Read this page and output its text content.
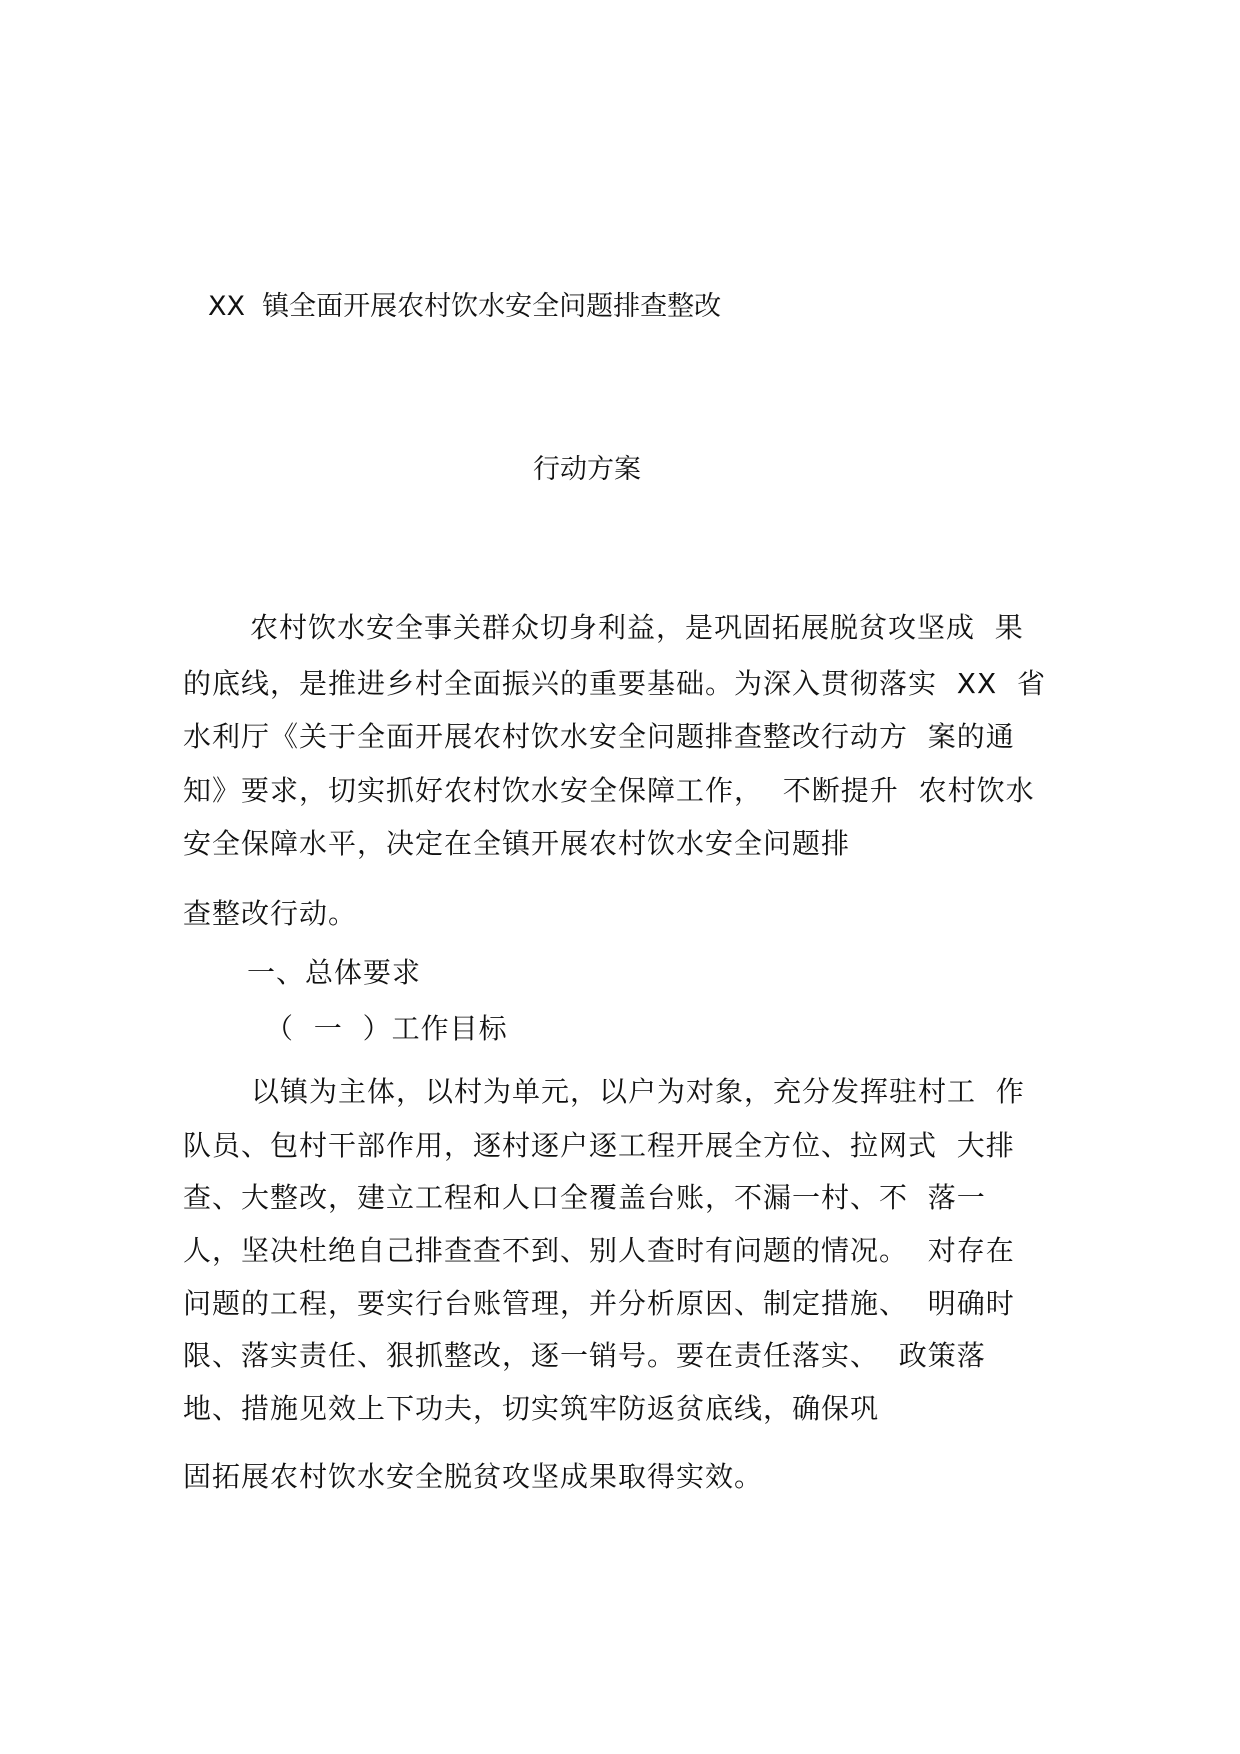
XX  镇全面开展农村饮水安全问题排查整改
行动方案
农村饮水安全事关群众切身利益，是巩固拓展脱贫攻坚成  果
的底线，是推进乡村全面振兴的重要基础。为深入贯彻落实  XX  省
水利厅《关于全面开展农村饮水安全问题排查整改行动方  案的通
知》要求，切实抓好农村饮水安全保障工作，  不断提升  农村饮水
安全保障水平，决定在全镇开展农村饮水安全问题排
查整改行动。
一、总体要求
（  一  ）工作目标
以镇为主体，以村为单元，以户为对象，充分发挥驻村工  作
队员、包村干部作用，逐村逐户逐工程开展全方位、拉网式  大排
查、大整改，建立工程和人口全覆盖台账，不漏一村、不  落一
人，坚决杜绝自己排查查不到、别人查时有问题的情况。  对存在
问题的工程，要实行台账管理，并分析原因、制定措施、  明确时
限、落实责任、狠抓整改，逐一销号。要在责任落实、  政策落
地、措施见效上下功夫，切实筑牢防返贫底线，确保巩
固拓展农村饮水安全脱贫攻坚成果取得实效。
